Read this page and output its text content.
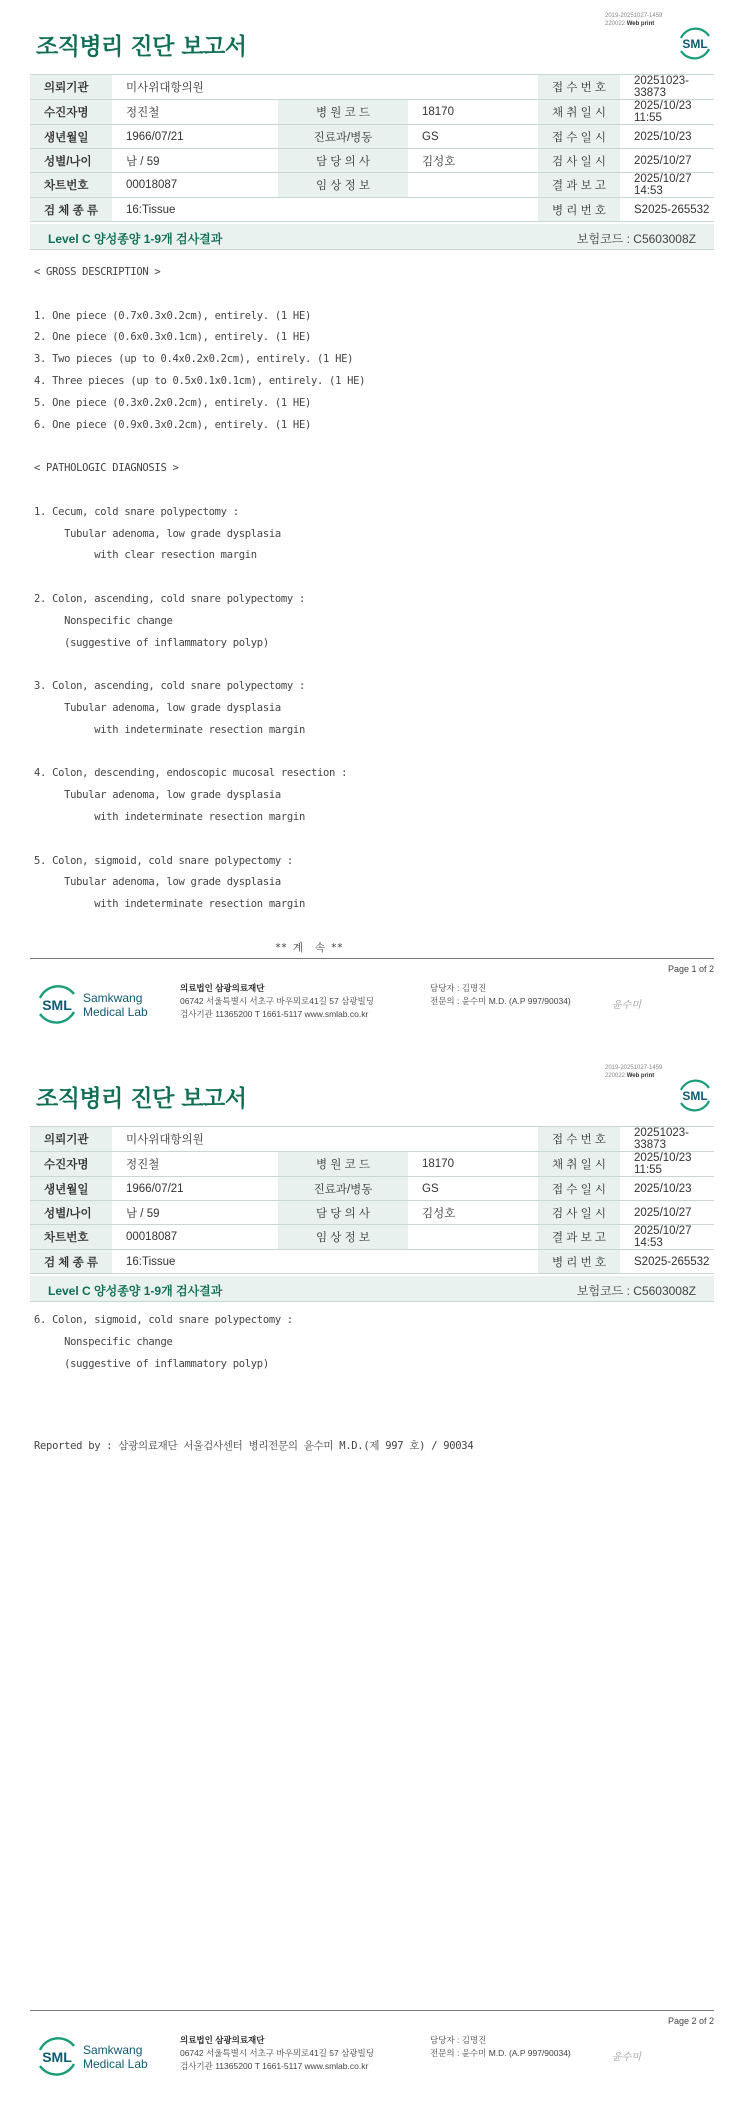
2019-20251027-1459
220022 Web print
조직병리 진단 보고서	SML
의뢰기관	미사위대항의원			접 수 번 호	20251023-33873
수진자명	정진철	병 원 코 드	18170	채 취 일 시	2025/10/23 11:55
생년월일	1966/07/21	진료과/병동	GS	접 수 일 시	2025/10/23
성별/나이	남 / 59	담 당 의 사	김성호	검 사 일 시	2025/10/27
차트번호	00018087	임 상 정 보		결 과 보 고	2025/10/27 14:53
검 체 종 류	16:Tissue			병 리 번 호	S2025-265532
Level C 양성종양 1-9개 검사결과	보험코드 : C5603008Z
< GROSS DESCRIPTION >
1. One piece (0.7x0.3x0.2cm), entirely. (1 HE)
2. One piece (0.6x0.3x0.1cm), entirely. (1 HE)
3. Two pieces (up to 0.4x0.2x0.2cm), entirely. (1 HE)
4. Three pieces (up to 0.5x0.1x0.1cm), entirely. (1 HE)
5. One piece (0.3x0.2x0.2cm), entirely. (1 HE)
6. One piece (0.9x0.3x0.2cm), entirely. (1 HE)
< PATHOLOGIC DIAGNOSIS >
1. Cecum, cold snare polypectomy :
Tubular adenoma, low grade dysplasia
with clear resection margin
2. Colon, ascending, cold snare polypectomy :
Nonspecific change
(suggestive of inflammatory polyp)
3. Colon, ascending, cold snare polypectomy :
Tubular adenoma, low grade dysplasia
with indeterminate resection margin
4. Colon, descending, endoscopic mucosal resection :
Tubular adenoma, low grade dysplasia
with indeterminate resection margin
5. Colon, sigmoid, cold snare polypectomy :
Tubular adenoma, low grade dysplasia
with indeterminate resection margin
** 계  속 **
Page 1 of 2
SML Samkwang
Medical Lab
의료법인 삼광의료재단
06742 서울특별시 서초구 바우뫼로41길 57 삼광빌딩
검사기관 11365200 T 1661-5117 www.smlab.co.kr
담당자 : 김명진
전문의 : 윤수미 M.D. (A.P 997/90034)	윤수미
2019-20251027-1459
220022 Web print
조직병리 진단 보고서	SML
의뢰기관	미사위대항의원			접 수 번 호	20251023-33873
수진자명	정진철	병 원 코 드	18170	채 취 일 시	2025/10/23 11:55
생년월일	1966/07/21	진료과/병동	GS	접 수 일 시	2025/10/23
성별/나이	남 / 59	담 당 의 사	김성호	검 사 일 시	2025/10/27
차트번호	00018087	임 상 정 보		결 과 보 고	2025/10/27 14:53
검 체 종 류	16:Tissue			병 리 번 호	S2025-265532
Level C 양성종양 1-9개 검사결과	보험코드 : C5603008Z
6. Colon, sigmoid, cold snare polypectomy :
Nonspecific change
(suggestive of inflammatory polyp)
Reported by : 삼광의료재단 서울검사센터 병리전문의 윤수미 M.D.(제 997 호) / 90034
Page 2 of 2
SML Samkwang
Medical Lab
의료법인 삼광의료재단
06742 서울특별시 서초구 바우뫼로41길 57 삼광빌딩
검사기관 11365200 T 1661-5117 www.smlab.co.kr
담당자 : 김명진
전문의 : 윤수미 M.D. (A.P 997/90034)	윤수미
